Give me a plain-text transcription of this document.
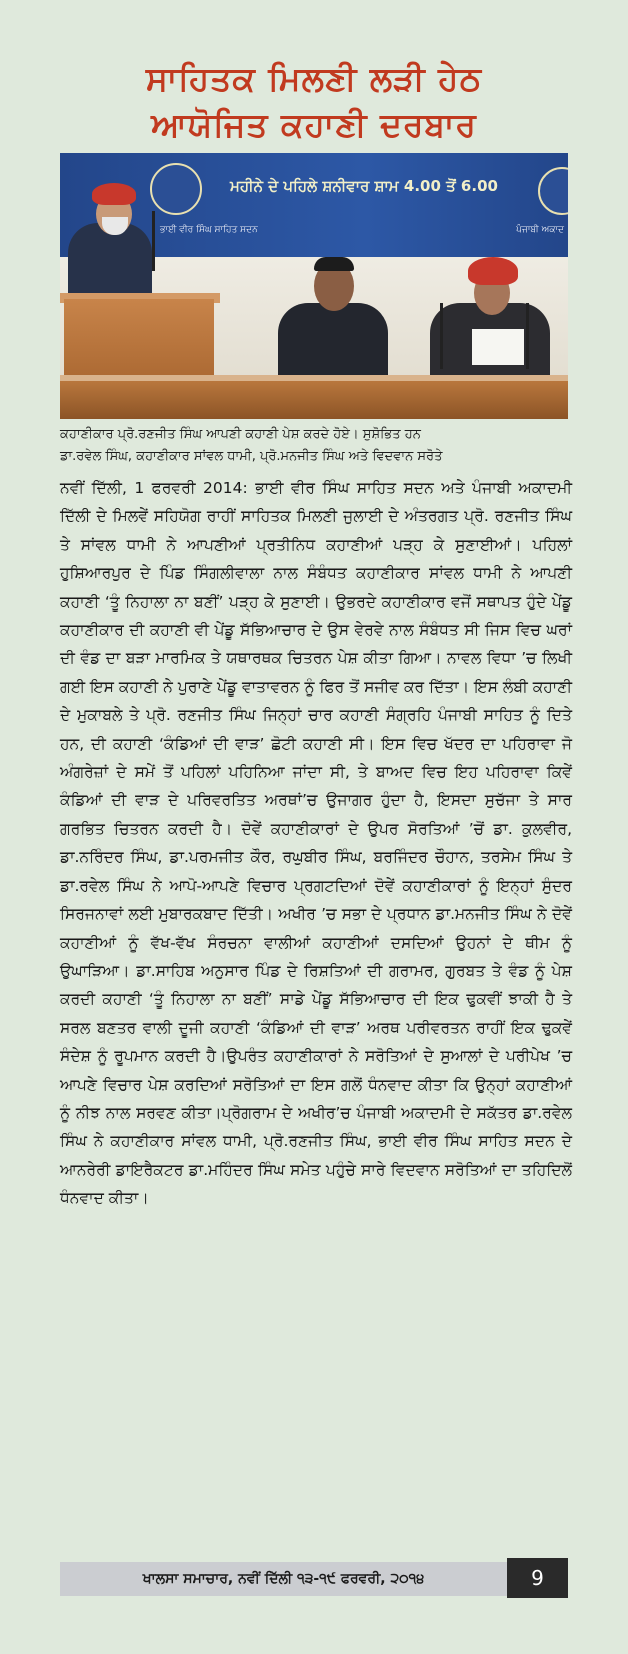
ਸਾਹਿਤਕ ਮਿਲਣੀ ਲੜੀ ਹੇਠ
ਆਯੋਜਿਤ ਕਹਾਣੀ ਦਰਬਾਰ
ਮਹੀਨੇ ਦੇ ਪਹਿਲੇ ਸ਼ਨੀਵਾਰ ਸ਼ਾਮ 4.00 ਤੋਂ 6.00
ਭਾਈ ਵੀਰ ਸਿੰਘ ਸਾਹਿਤ ਸਦਨ	ਪੰਜਾਬੀ ਅਕਾਦ
ਕਹਾਣੀਕਾਰ ਪ੍ਰੋ.ਰਣਜੀਤ ਸਿੰਘ ਆਪਣੀ ਕਹਾਣੀ ਪੇਸ਼ ਕਰਦੇ ਹੋਏ। ਸੁਸ਼ੋਭਿਤ ਹਨ
ਡਾ.ਰਵੇਲ ਸਿੰਘ, ਕਹਾਣੀਕਾਰ ਸਾਂਵਲ ਧਾਮੀ, ਪ੍ਰੋ.ਮਨਜੀਤ ਸਿੰਘ ਅਤੇ ਵਿਦਵਾਨ ਸਰੋਤੇ
ਨਵੀਂ ਦਿੱਲੀ, 1 ਫਰਵਰੀ 2014: ਭਾਈ ਵੀਰ ਸਿੰਘ ਸਾਹਿਤ ਸਦਨ ਅਤੇ ਪੰਜਾਬੀ ਅਕਾਦਮੀ ਦਿੱਲੀ ਦੇ ਮਿਲਵੇਂ ਸਹਿਯੋਗ ਰਾਹੀਂ ਸਾਹਿਤਕ ਮਿਲਣੀ ਜੁਲਾਈ ਦੇ ਅੰਤਰਗਤ ਪ੍ਰੋ. ਰਣਜੀਤ ਸਿੰਘ ਤੇ ਸਾਂਵਲ ਧਾਮੀ ਨੇ ਆਪਣੀਆਂ ਪ੍ਰਤੀਨਿਧ ਕਹਾਣੀਆਂ ਪੜ੍ਹ ਕੇ ਸੁਣਾਈਆਂ। ਪਹਿਲਾਂ ਹੁਸ਼ਿਆਰਪੁਰ ਦੇ ਪਿੰਡ ਸਿੰਗਲੀਵਾਲਾ ਨਾਲ ਸੰਬੰਧਤ ਕਹਾਣੀਕਾਰ ਸਾਂਵਲ ਧਾਮੀ ਨੇ ਆਪਣੀ ਕਹਾਣੀ ‘ਤੂੰ ਨਿਹਾਲਾ ਨਾ ਬਣੀਂ’ ਪੜ੍ਹ ਕੇ ਸੁਣਾਈ। ਉਭਰਦੇ ਕਹਾਣੀਕਾਰ ਵਜੋਂ ਸਥਾਪਤ ਹੁੰਦੇ ਪੇਂਡੂ ਕਹਾਣੀਕਾਰ ਦੀ ਕਹਾਣੀ ਵੀ ਪੇਂਡੂ ਸੱਭਿਆਚਾਰ ਦੇ ਉਸ ਵੇਰਵੇ ਨਾਲ ਸੰਬੰਧਤ ਸੀ ਜਿਸ ਵਿਚ ਘਰਾਂ ਦੀ ਵੰਡ ਦਾ ਬੜਾ ਮਾਰਮਿਕ ਤੇ ਯਥਾਰਥਕ ਚਿਤਰਨ ਪੇਸ਼ ਕੀਤਾ ਗਿਆ। ਨਾਵਲ ਵਿਧਾ ’ਚ ਲਿਖੀ ਗਈ ਇਸ ਕਹਾਣੀ ਨੇ ਪੁਰਾਣੇ ਪੇਂਡੂ ਵਾਤਾਵਰਨ ਨੂੰ ਫਿਰ ਤੋਂ ਸਜੀਵ ਕਰ ਦਿੱਤਾ। ਇਸ ਲੰਬੀ ਕਹਾਣੀ ਦੇ ਮੁਕਾਬਲੇ ਤੇ ਪ੍ਰੋ. ਰਣਜੀਤ ਸਿੰਘ ਜਿਨ੍ਹਾਂ ਚਾਰ ਕਹਾਣੀ ਸੰਗ੍ਰਹਿ ਪੰਜਾਬੀ ਸਾਹਿਤ ਨੂੰ ਦਿਤੇ ਹਨ, ਦੀ ਕਹਾਣੀ ‘ਕੰਡਿਆਂ ਦੀ ਵਾੜ’ ਛੋਟੀ ਕਹਾਣੀ ਸੀ। ਇਸ ਵਿਚ ਖੱਦਰ ਦਾ ਪਹਿਰਾਵਾ ਜੋ ਅੰਗਰੇਜ਼ਾਂ ਦੇ ਸਮੇਂ ਤੋਂ ਪਹਿਲਾਂ ਪਹਿਨਿਆ ਜਾਂਦਾ ਸੀ, ਤੇ ਬਾਅਦ ਵਿਚ ਇਹ ਪਹਿਰਾਵਾ ਕਿਵੇਂ ਕੰਡਿਆਂ ਦੀ ਵਾੜ ਦੇ ਪਰਿਵਰਤਿਤ ਅਰਥਾਂ’ਚ ਉਜਾਗਰ ਹੁੰਦਾ ਹੈ, ਇਸਦਾ ਸੁਚੱਜਾ ਤੇ ਸਾਰ ਗਰਭਿਤ ਚਿਤਰਨ ਕਰਦੀ ਹੈ। ਦੋਵੇਂ ਕਹਾਣੀਕਾਰਾਂ ਦੇ ਉਪਰ ਸੋਰਤਿਆਂ ’ਚੋਂ ਡਾ. ਕੁਲਵੀਰ, ਡਾ.ਨਰਿੰਦਰ ਸਿੰਘ, ਡਾ.ਪਰਮਜੀਤ ਕੌਰ, ਰਘੁਬੀਰ ਸਿੰਘ, ਬਰਜਿੰਦਰ ਚੌਹਾਨ, ਤਰਸੇਮ ਸਿੰਘ ਤੇ ਡਾ.ਰਵੇਲ ਸਿੰਘ ਨੇ ਆਪੋ-ਆਪਣੇ ਵਿਚਾਰ ਪ੍ਰਗਟਦਿਆਂ ਦੋਵੇਂ ਕਹਾਣੀਕਾਰਾਂ ਨੂੰ ਇਨ੍ਹਾਂ ਸੁੰਦਰ ਸਿਰਜਨਾਵਾਂ ਲਈ ਮੁਬਾਰਕਬਾਦ ਦਿੱਤੀ। ਅਖੀਰ ’ਚ ਸਭਾ ਦੇ ਪ੍ਰਧਾਨ ਡਾ.ਮਨਜੀਤ ਸਿੰਘ ਨੇ ਦੋਵੇਂ ਕਹਾਣੀਆਂ ਨੂੰ ਵੱਖ-ਵੱਖ ਸੰਰਚਨਾ ਵਾਲੀਆਂ ਕਹਾਣੀਆਂ ਦਸਦਿਆਂ ਉਹਨਾਂ ਦੇ ਥੀਮ ਨੂੰ ਉਘਾੜਿਆ। ਡਾ.ਸਾਹਿਬ ਅਨੁਸਾਰ ਪਿੰਡ ਦੇ ਰਿਸ਼ਤਿਆਂ ਦੀ ਗਰਾਮਰ, ਗੁਰਬਤ ਤੇ ਵੰਡ ਨੂੰ ਪੇਸ਼ ਕਰਦੀ ਕਹਾਣੀ ‘ਤੂੰ ਨਿਹਾਲਾ ਨਾ ਬਣੀਂ’ ਸਾਡੇ ਪੇਂਡੂ ਸੱਭਿਆਚਾਰ ਦੀ ਇਕ ਢੁਕਵੀਂ ਝਾਕੀ ਹੈ ਤੇ ਸਰਲ ਬਣਤਰ ਵਾਲੀ ਦੂਜੀ ਕਹਾਣੀ ‘ਕੰਡਿਆਂ ਦੀ ਵਾੜ’ ਅਰਥ ਪਰੀਵਰਤਨ ਰਾਹੀਂ ਇਕ ਢੁਕਵੇਂ ਸੰਦੇਸ਼ ਨੂੰ ਰੂਪਮਾਨ ਕਰਦੀ ਹੈ।ਉਪਰੰਤ ਕਹਾਣੀਕਾਰਾਂ ਨੇ ਸਰੋਤਿਆਂ ਦੇ ਸੁਆਲਾਂ ਦੇ ਪਰੀਪੇਖ ’ਚ ਆਪਣੇ ਵਿਚਾਰ ਪੇਸ਼ ਕਰਦਿਆਂ ਸਰੋਤਿਆਂ ਦਾ ਇਸ ਗਲੋਂ ਧੰਨਵਾਦ ਕੀਤਾ ਕਿ ਉਨ੍ਹਾਂ ਕਹਾਣੀਆਂ ਨੂੰ ਨੀਝ ਨਾਲ ਸਰਵਣ ਕੀਤਾ।ਪ੍ਰੋਗਰਾਮ ਦੇ ਅਖੀਰ’ਚ ਪੰਜਾਬੀ ਅਕਾਦਮੀ ਦੇ ਸਕੱਤਰ ਡਾ.ਰਵੇਲ ਸਿੰਘ ਨੇ ਕਹਾਣੀਕਾਰ ਸਾਂਵਲ ਧਾਮੀ, ਪ੍ਰੋ.ਰਣਜੀਤ ਸਿੰਘ, ਭਾਈ ਵੀਰ ਸਿੰਘ ਸਾਹਿਤ ਸਦਨ ਦੇ ਆਨਰੇਰੀ ਡਾਇਰੈਕਟਰ ਡਾ.ਮਹਿੰਦਰ ਸਿੰਘ ਸਮੇਤ ਪਹੁੰਚੇ ਸਾਰੇ ਵਿਦਵਾਨ ਸਰੋਤਿਆਂ ਦਾ ਤਹਿਦਿਲੋਂ ਧੰਨਵਾਦ ਕੀਤਾ।
ਖਾਲਸਾ ਸਮਾਚਾਰ, ਨਵੀਂ ਦਿੱਲੀ ੧੩-੧੯ ਫਰਵਰੀ, ੨੦੧੪	9
